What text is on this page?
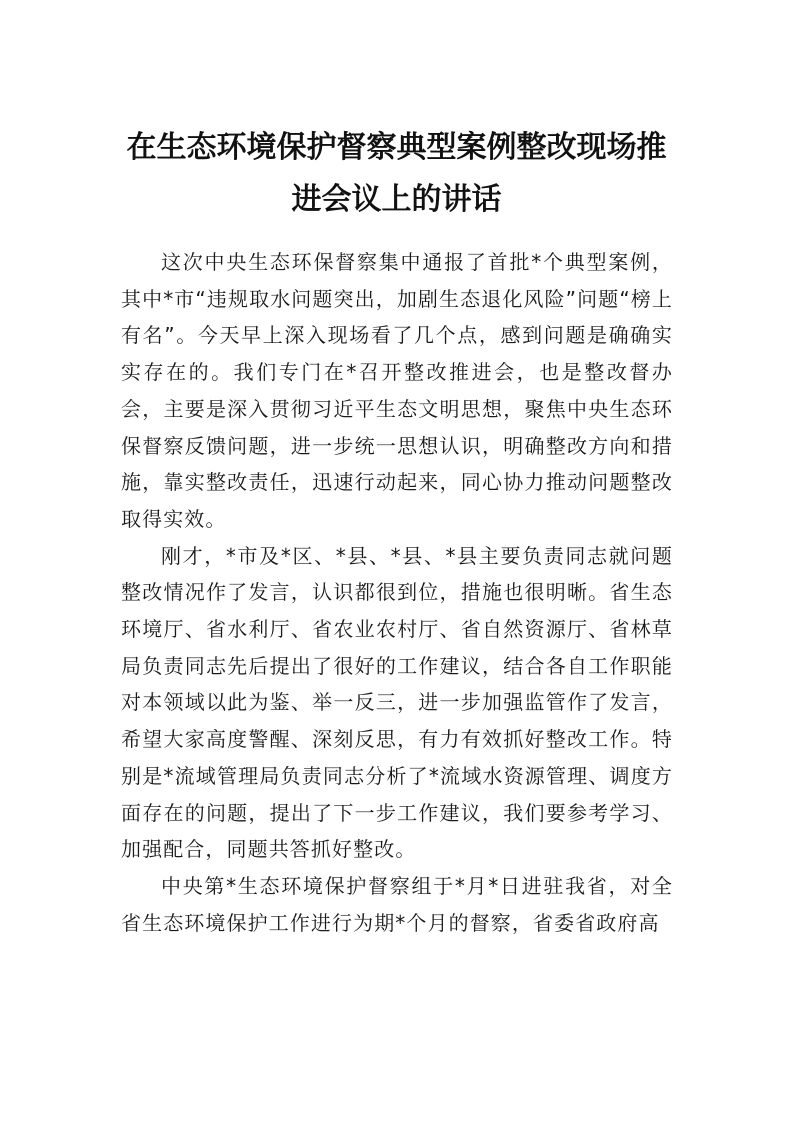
在生态环境保护督察典型案例整改现场推进会议上的讲话

这次中央生态环保督察集中通报了首批*个典型案例，其中*市“违规取水问题突出，加剧生态退化风险”问题“榜上有名”。今天早上深入现场看了几个点，感到问题是确确实实存在的。我们专门在*召开整改推进会，也是整改督办会，主要是深入贯彻习近平生态文明思想，聚焦中央生态环保督察反馈问题，进一步统一思想认识，明确整改方向和措施，靠实整改责任，迅速行动起来，同心协力推动问题整改取得实效。

刚才，*市及*区、*县、*县、*县主要负责同志就问题整改情况作了发言，认识都很到位，措施也很明晰。省生态环境厅、省水利厅、省农业农村厅、省自然资源厅、省林草局负责同志先后提出了很好的工作建议，结合各自工作职能对本领域以此为鉴、举一反三，进一步加强监管作了发言，希望大家高度警醒、深刻反思，有力有效抓好整改工作。特别是*流域管理局负责同志分析了*流域水资源管理、调度方面存在的问题，提出了下一步工作建议，我们要参考学习、加强配合，同题共答抓好整改。

中央第*生态环境保护督察组于*月*日进驻我省，对全省生态环境保护工作进行为期*个月的督察，省委省政府高
